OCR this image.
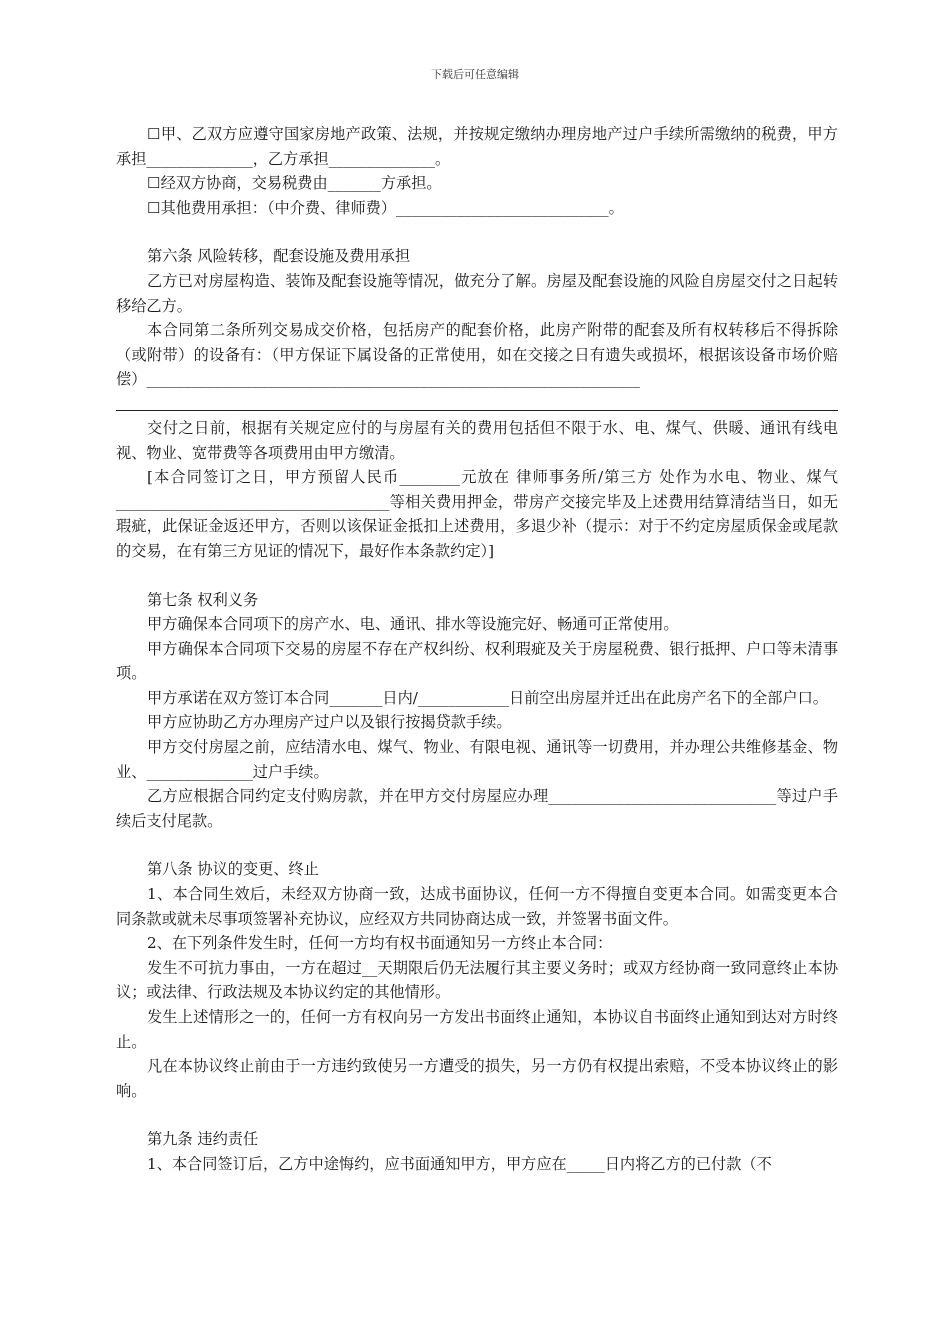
下载后可任意编辑

☐甲、乙双方应遵守国家房地产政策、法规，并按规定缴纳办理房地产过户手续所需缴纳的税费，甲方承担______________，乙方承担______________。

☐经双方协商，交易税费由_______方承担。

☐其他费用承担：（中介费、律师费）____________________________。

第六条 风险转移，配套设施及费用承担

乙方已对房屋构造、装饰及配套设施等情况，做充分了解。房屋及配套设施的风险自房屋交付之日起转移给乙方。

本合同第二条所列交易成交价格，包括房产的配套价格，此房产附带的配套及所有权转移后不得拆除（或附带）的设备有：（甲方保证下属设备的正常使用，如在交接之日有遗失或损坏，根据该设备市场价赔偿）_________________________________________________________________

交付之日前，根据有关规定应付的与房屋有关的费用包括但不限于水、电、煤气、供暖、通讯有线电视、物业、宽带费等各项费用由甲方缴清。

[本合同签订之日，甲方预留人民币________元放在 律师事务所/第三方 处作为水电、物业、煤气____________________________________等相关费用押金，带房产交接完毕及上述费用结算清结当日，如无瑕疵，此保证金返还甲方，否则以该保证金抵扣上述费用，多退少补（提示：对于不约定房屋质保金或尾款的交易，在有第三方见证的情况下，最好作本条款约定）]

第七条 权利义务

甲方确保本合同项下的房产水、电、通讯、排水等设施完好、畅通可正常使用。

甲方确保本合同项下交易的房屋不存在产权纠纷、权利瑕疵及关于房屋税费、银行抵押、户口等未清事项。

甲方承诺在双方签订本合同_______日内/____________日前空出房屋并迁出在此房产名下的全部户口。

甲方应协助乙方办理房产过户以及银行按揭贷款手续。

甲方交付房屋之前，应结清水电、煤气、物业、有限电视、通讯等一切费用，并办理公共维修基金、物业、______________过户手续。

乙方应根据合同约定支付购房款，并在甲方交付房屋应办理______________________________等过户手续后支付尾款。

第八条 协议的变更、终止

1、本合同生效后，未经双方协商一致，达成书面协议，任何一方不得擅自变更本合同。如需变更本合同条款或就未尽事项签署补充协议，应经双方共同协商达成一致，并签署书面文件。

2、在下列条件发生时，任何一方均有权书面通知另一方终止本合同：

发生不可抗力事由，一方在超过__天期限后仍无法履行其主要义务时；或双方经协商一致同意终止本协议；或法律、行政法规及本协议约定的其他情形。

发生上述情形之一的，任何一方有权向另一方发出书面终止通知，本协议自书面终止通知到达对方时终止。

凡在本协议终止前由于一方违约致使另一方遭受的损失，另一方仍有权提出索赔，不受本协议终止的影响。

第九条 违约责任

1、本合同签订后，乙方中途悔约，应书面通知甲方，甲方应在_____日内将乙方的已付款（不
